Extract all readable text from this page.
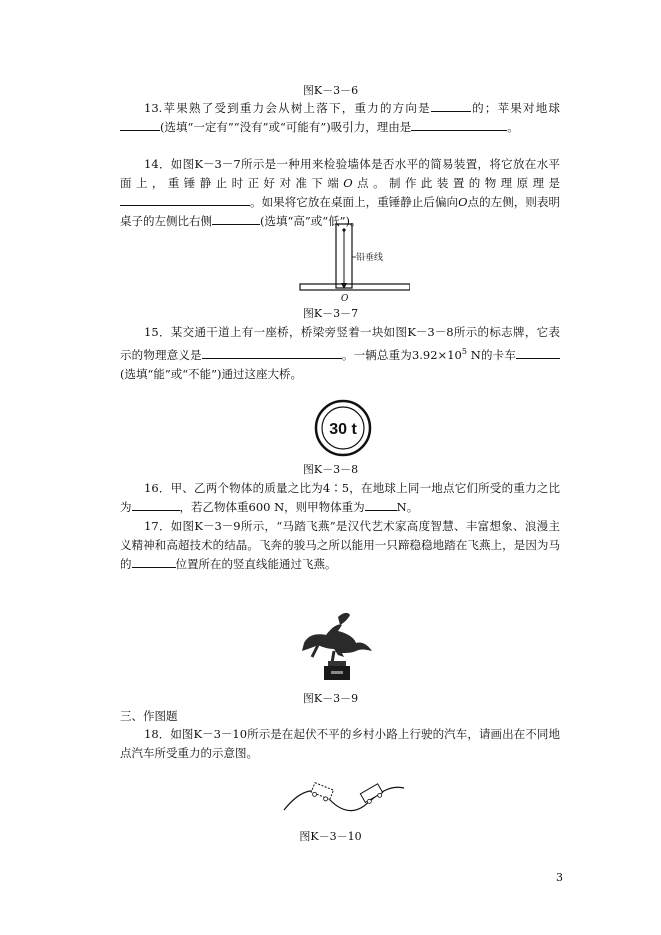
图K－3－6
13.苹果熟了受到重力会从树上落下，重力的方向是	的；苹果对地球(选填“一定有”“没有”或“可能有”)吸引力，理由是	。
14．如图K－3－7所示是一种用来检验墙体是否水平的简易装置，将它放在水平面上，重锤静止时正好对准下端O点。制作此装置的物理原理是。如果将它放在桌面上，重锤静止后偏向O点的左侧，则表明桌子的左侧比右侧	(选填“高”或“低”)。
铅垂线
O
图K－3－7
15．某交通干道上有一座桥，桥梁旁竖着一块如图K－3－8所示的标志牌，它表示的物理意义是	。一辆总重为$3.92\times 10^5$ N的卡车(选填“能”或“不能”)通过这座大桥。
30 t
图K－3－8
16．甲、乙两个物体的质量之比为4∶5，在地球上同一地点它们所受的重力之比为	，若乙物体重600 N，则甲物体重为	N。
17．如图K－3－9所示，“马踏飞燕”是汉代艺术家高度智慧、丰富想象、浪漫主义精神和高超技术的结晶。飞奔的骏马之所以能用一只蹄稳稳地踏在飞燕上，是因为马的	位置所在的竖直线能通过飞燕。
图K－3－9
三、作图题
18．如图K－3－10所示是在起伏不平的乡村小路上行驶的汽车，请画出在不同地点汽车所受重力的示意图。
图K－3－10
3
